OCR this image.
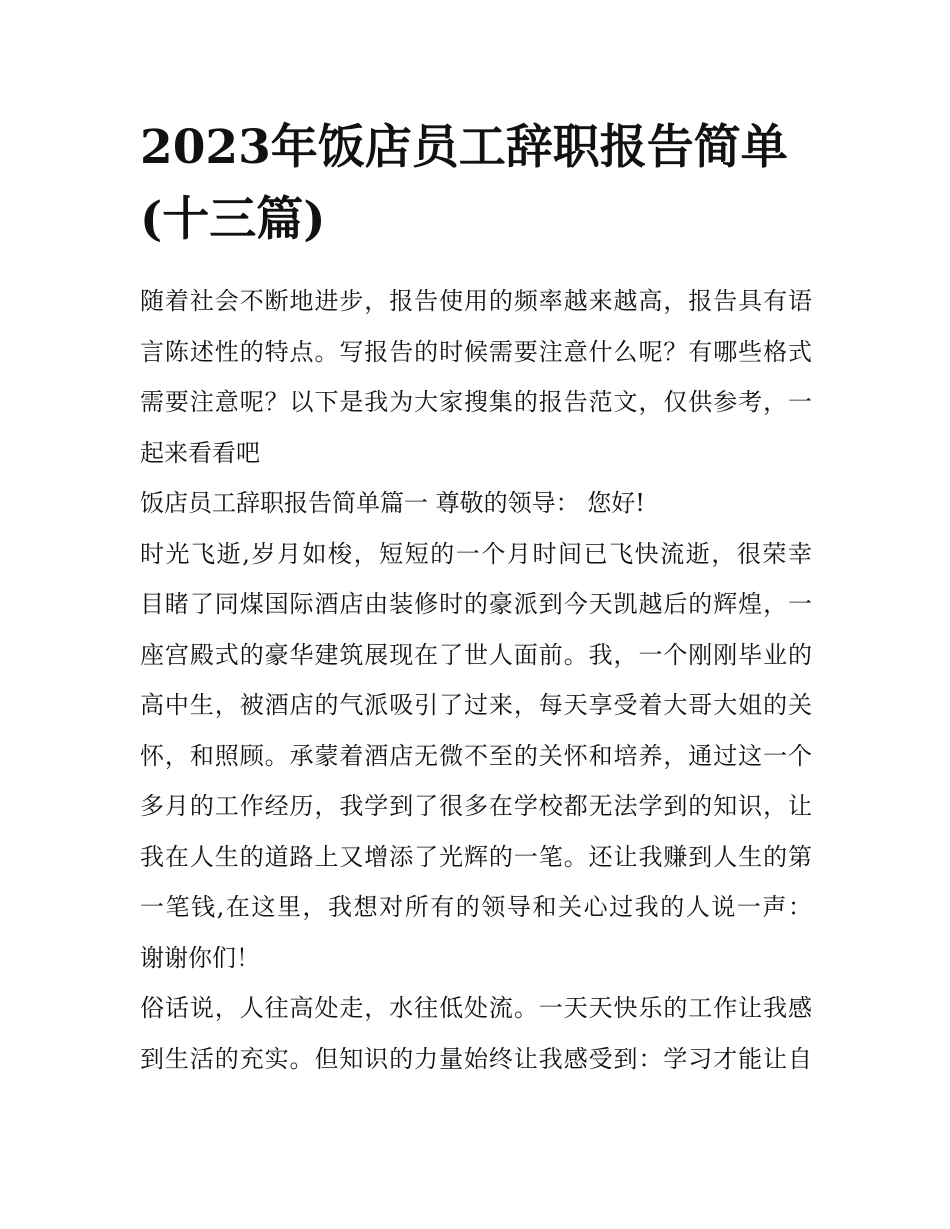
2023年饭店员工辞职报告简单
(十三篇)
随着社会不断地进步，报告使用的频率越来越高，报告具有语
言陈述性的特点。写报告的时候需要注意什么呢？有哪些格式
需要注意呢？以下是我为大家搜集的报告范文，仅供参考，一
起来看看吧
饭店员工辞职报告简单篇一 尊敬的领导： 您好!
时光飞逝,岁月如梭，短短的一个月时间已飞快流逝，很荣幸
目睹了同煤国际酒店由装修时的豪派到今天凯越后的辉煌，一
座宫殿式的豪华建筑展现在了世人面前。我，一个刚刚毕业的
高中生，被酒店的气派吸引了过来，每天享受着大哥大姐的关
怀，和照顾。承蒙着酒店无微不至的关怀和培养，通过这一个
多月的工作经历，我学到了很多在学校都无法学到的知识，让
我在人生的道路上又增添了光辉的一笔。还让我赚到人生的第
一笔钱,在这里，我想对所有的领导和关心过我的人说一声：
谢谢你们！
俗话说，人往高处走，水往低处流。一天天快乐的工作让我感
到生活的充实。但知识的力量始终让我感受到：学习才能让自
